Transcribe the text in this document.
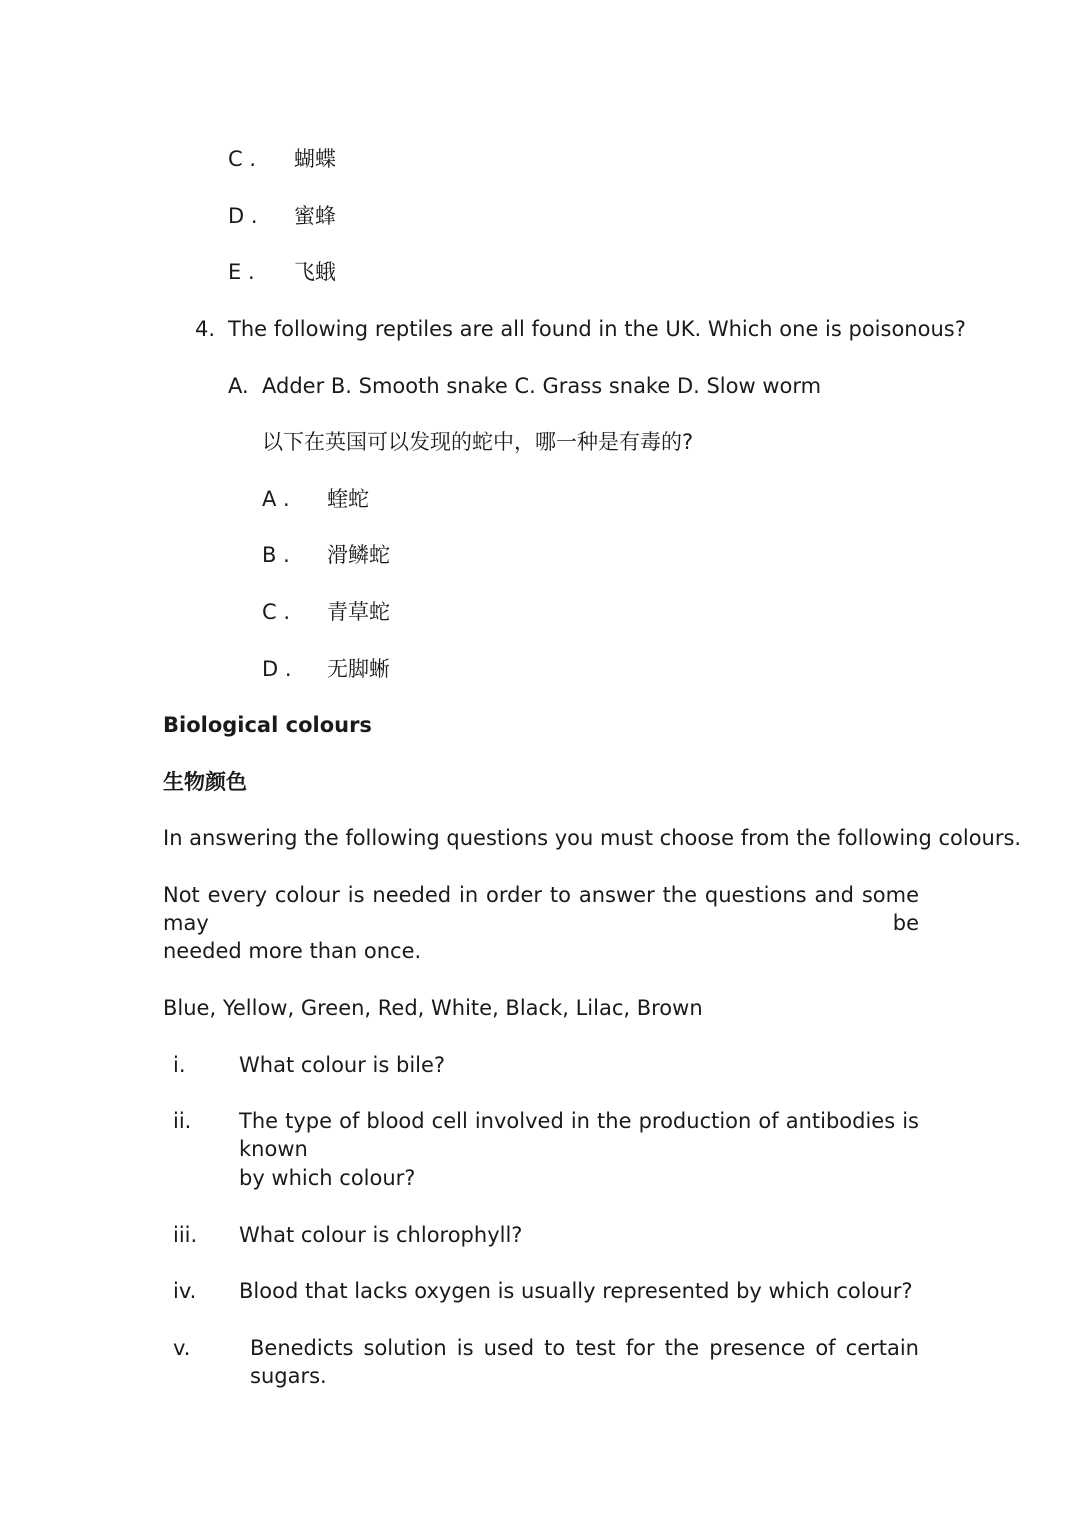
C . 蝴蝶
D . 蜜蜂
E . 飞蛾
4. The following reptiles are all found in the UK. Which one is poisonous?
A. Adder B. Smooth snake C. Grass snake D. Slow worm
以下在英国可以发现的蛇中，哪一种是有毒的?
A . 蝰蛇
B . 滑鳞蛇
C . 青草蛇
D . 无脚蜥
Biological colours
生物颜色
In answering the following questions you must choose from the following colours.
Not every colour is needed in order to answer the questions and some may be
needed more than once.
Blue, Yellow, Green, Red, White, Black, Lilac, Brown
i.	What colour is bile?
ii. The type of blood cell involved in the production of antibodies is known
by which colour?
iii. What colour is chlorophyll?
iv. Blood that lacks oxygen is usually represented by which colour?
v.	Benedicts solution is used to test for the presence of certain sugars.
